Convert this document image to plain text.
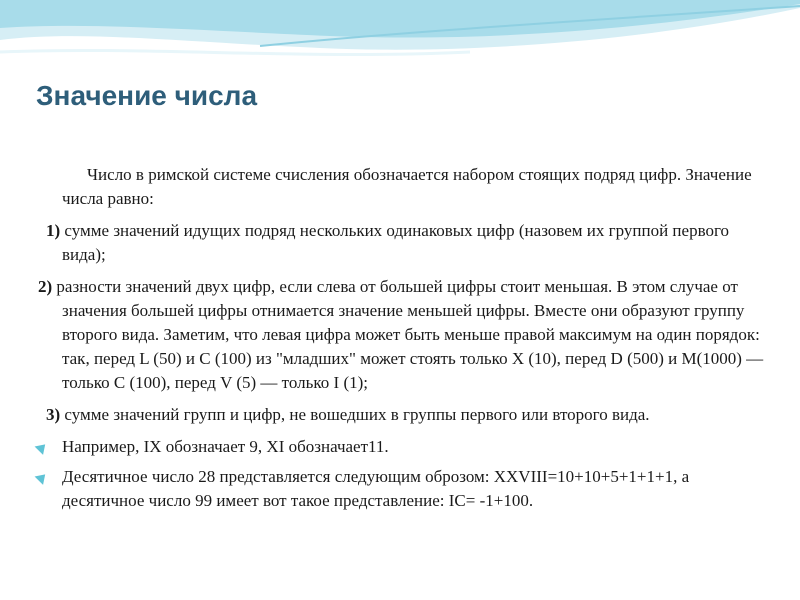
Значение числа

Число в римской системе счисления обозначается набором стоящих подряд цифр. Значение числа равно:

1) сумме значений идущих подряд нескольких одинаковых цифр (назовем их группой первого вида);

2) разности значений двух цифр, если слева от большей цифры стоит меньшая. В этом случае от значения большей цифры отнимается значение меньшей цифры. Вместе они образуют группу второго вида. Заметим, что левая цифра может быть меньше правой максимум на один порядок: так, перед L (50) и С (100) из "младших" может стоять только X (10), перед D (500) и M(1000) — только C (100), перед V (5) — только I (1);

3) сумме значений групп и цифр, не вошедших в группы первого или второго вида.

Например, IX обозначает 9, XI обозначает11.

Десятичное число 28 представляется следующим оброзом: XXVIII=10+10+5+1+1+1, а десятичное число 99 имеет вот такое представление: IC= -1+100.
